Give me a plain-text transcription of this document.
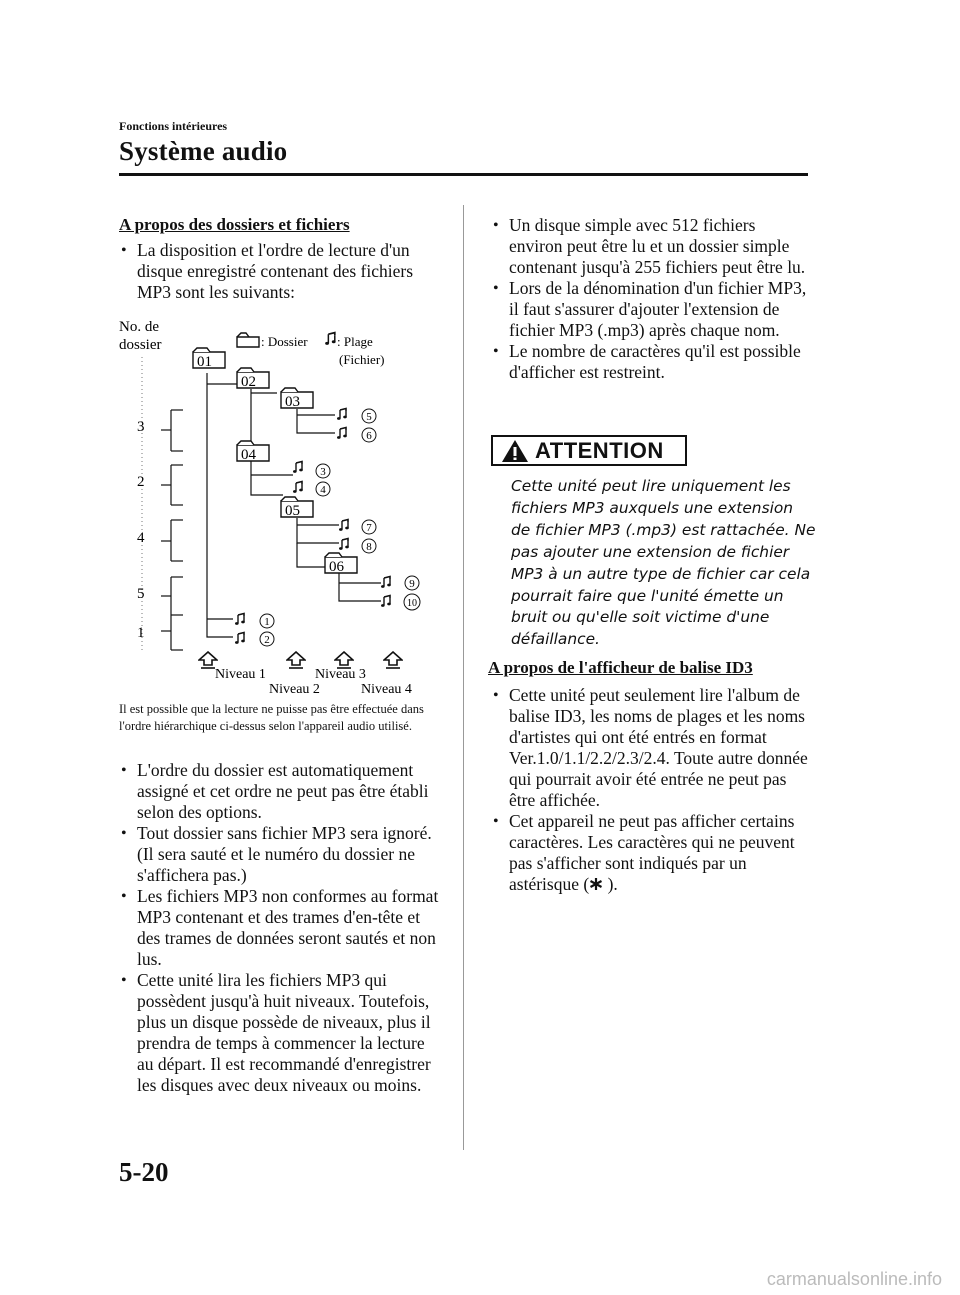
Fonctions intérieures
Système audio
A propos des dossiers et fichiers
• La disposition et l'ordre de lecture d'un disque enregistré contenant des fichiers MP3 sont les suivants:
No. de
dossier	: Dossier : Plage
(Fichier)
3
2
4
5
1
01
02
03
04
05
06
5
6
3
4
7
8
9
10
1
2
Niveau 1
Niveau 2
Niveau 3
Niveau 4
Il est possible que la lecture ne puisse pas être effectuée dans l'ordre hiérarchique ci-dessus selon l'appareil audio utilisé.
• L'ordre du dossier est automatiquement assigné et cet ordre ne peut pas être établi selon des options.
• Tout dossier sans fichier MP3 sera ignoré. (Il sera sauté et le numéro du dossier ne s'affichera pas.)
• Les fichiers MP3 non conformes au format MP3 contenant et des trames d'en-tête et des trames de données seront sautés et non lus.
• Cette unité lira les fichiers MP3 qui possèdent jusqu'à huit niveaux. Toutefois, plus un disque possède de niveaux, plus il prendra de temps à commencer la lecture au départ. Il est recommandé d'enregistrer les disques avec deux niveaux ou moins.
• Un disque simple avec 512 fichiers environ peut être lu et un dossier simple contenant jusqu'à 255 fichiers peut être lu.
• Lors de la dénomination d'un fichier MP3, il faut s'assurer d'ajouter l'extension de fichier MP3 (.mp3) après chaque nom.
• Le nombre de caractères qu'il est possible d'afficher est restreint.
ATTENTION
Cette unité peut lire uniquement les fichiers MP3 auxquels une extension de fichier MP3 (.mp3) est rattachée. Ne pas ajouter une extension de fichier MP3 à un autre type de fichier car cela pourrait faire que l'unité émette un bruit ou qu'elle soit victime d'une défaillance.
A propos de l'afficheur de balise ID3
• Cette unité peut seulement lire l'album de balise ID3, les noms de plages et les noms d'artistes qui ont été entrés en format Ver.1.0/1.1/2.2/2.3/2.4. Toute autre donnée qui pourrait avoir été entrée ne peut pas être affichée.
• Cet appareil ne peut pas afficher certains caractères. Les caractères qui ne peuvent pas s'afficher sont indiqués par un astérisque ( ).
5-20
carmanualsonline.info
